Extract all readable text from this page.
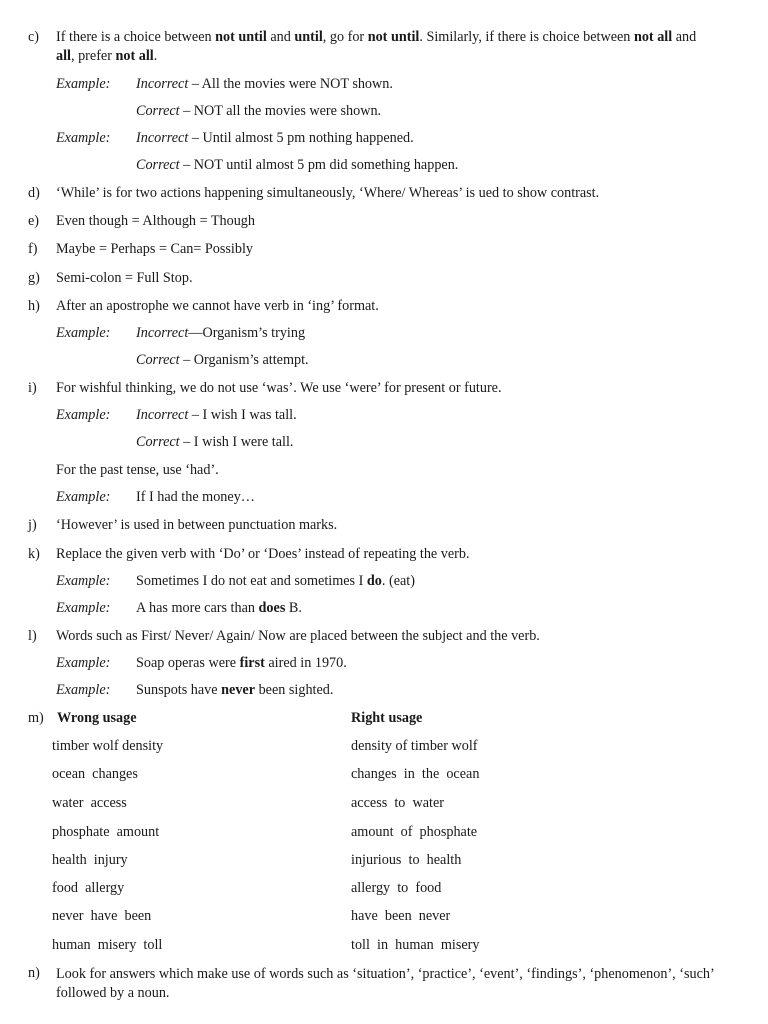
c) If there is a choice between not until and until, go for not until. Similarly, if there is choice between not all and
all, prefer not all.
Example: Incorrect – All the movies were NOT shown.
Correct – NOT all the movies were shown.
Example: Incorrect – Until almost 5 pm nothing happened.
Correct – NOT until almost 5 pm did something happen.
d) ‘While’ is for two actions happening simultaneously, ‘Where/ Whereas’ is ued to show contrast.
e) Even though = Although = Though
f) Maybe = Perhaps = Can= Possibly
g) Semi-colon = Full Stop.
h) After an apostrophe we cannot have verb in ‘ing’ format.
Example: Incorrect—Organism’s trying
Correct – Organism’s attempt.
i) For wishful thinking, we do not use ‘was’. We use ‘were’ for present or future.
Example: Incorrect – I wish I was tall.
Correct – I wish I were tall.
For the past tense, use ‘had’.
Example: If I had the money…
j) ‘However’ is used in between punctuation marks.
k) Replace the given verb with ‘Do’ or ‘Does’ instead of repeating the verb.
Example: Sometimes I do not eat and sometimes I do. (eat)
Example: A has more cars than does B.
l) Words such as First/ Never/ Again/ Now are placed between the subject and the verb.
Example: Soap operas were first aired in 1970.
Example: Sunspots have never been sighted.
m) Wrong usage	Right usage
timber wolf density	density of timber wolf
ocean  changes	changes  in  the  ocean
water  access	access  to  water
phosphate  amount	amount  of  phosphate
health  injury	injurious  to  health
food  allergy	allergy  to  food
never  have  been	have  been  never
human  misery  toll	toll  in  human  misery
n) Look for answers which make use of words such as ‘situation’, ‘practice’, ‘event’, ‘findings’, ‘phenomenon’, ‘such’ followed by a noun.
